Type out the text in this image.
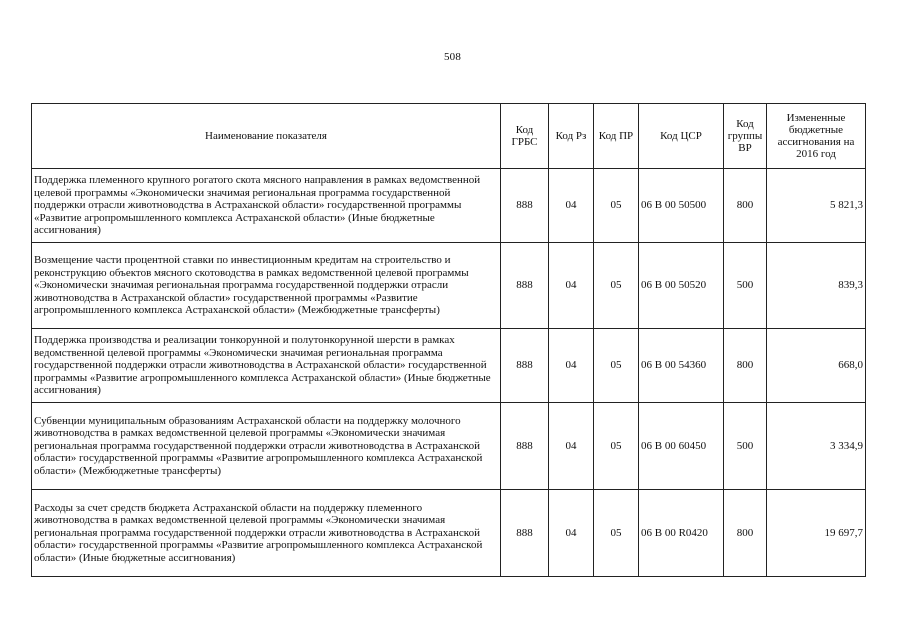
508
Наименование показателя	Код ГРБС	Код Рз	Код ПР	Код ЦСР	Код группы ВР	Измененные бюджетные ассигнования на 2016 год
Поддержка племенного крупного рогатого скота мясного направления в рамках ведомственной целевой программы «Экономически значимая региональная программа государственной поддержки отрасли животноводства в Астраханской области» государственной программы «Развитие агропромышленного комплекса Астраханской области» (Иные бюджетные ассигнования)	888	04	05	06 В 00 50500	800	5 821,3
Возмещение части процентной ставки по инвестиционным кредитам на строительство и реконструкцию объектов мясного скотоводства в рамках ведомственной целевой программы «Экономически значимая региональная программа государственной поддержки отрасли животноводства в Астраханской области» государственной программы «Развитие агропромышленного комплекса Астраханской области» (Межбюджетные трансферты)	888	04	05	06 В 00 50520	500	839,3
Поддержка производства и реализации тонкорунной и полутонкорунной шерсти в рамках ведомственной целевой программы «Экономически значимая региональная программа государственной поддержки отрасли животноводства в Астраханской области» государственной программы «Развитие агропромышленного комплекса Астраханской области» (Иные бюджетные ассигнования)	888	04	05	06 В 00 54360	800	668,0
Субвенции муниципальным образованиям Астраханской области на поддержку молочного животноводства в рамках ведомственной целевой программы «Экономически значимая региональная программа государственной поддержки отрасли животноводства в Астраханской области» государственной программы «Развитие агропромышленного комплекса Астраханской области» (Межбюджетные трансферты)	888	04	05	06 В 00 60450	500	3 334,9
Расходы за счет средств бюджета Астраханской области на поддержку племенного животноводства в рамках ведомственной целевой программы «Экономически значимая региональная программа государственной поддержки отрасли животноводства в Астраханской области» государственной программы «Развитие агропромышленного комплекса Астраханской области» (Иные бюджетные ассигнования)	888	04	05	06 В 00 R0420	800	19 697,7
